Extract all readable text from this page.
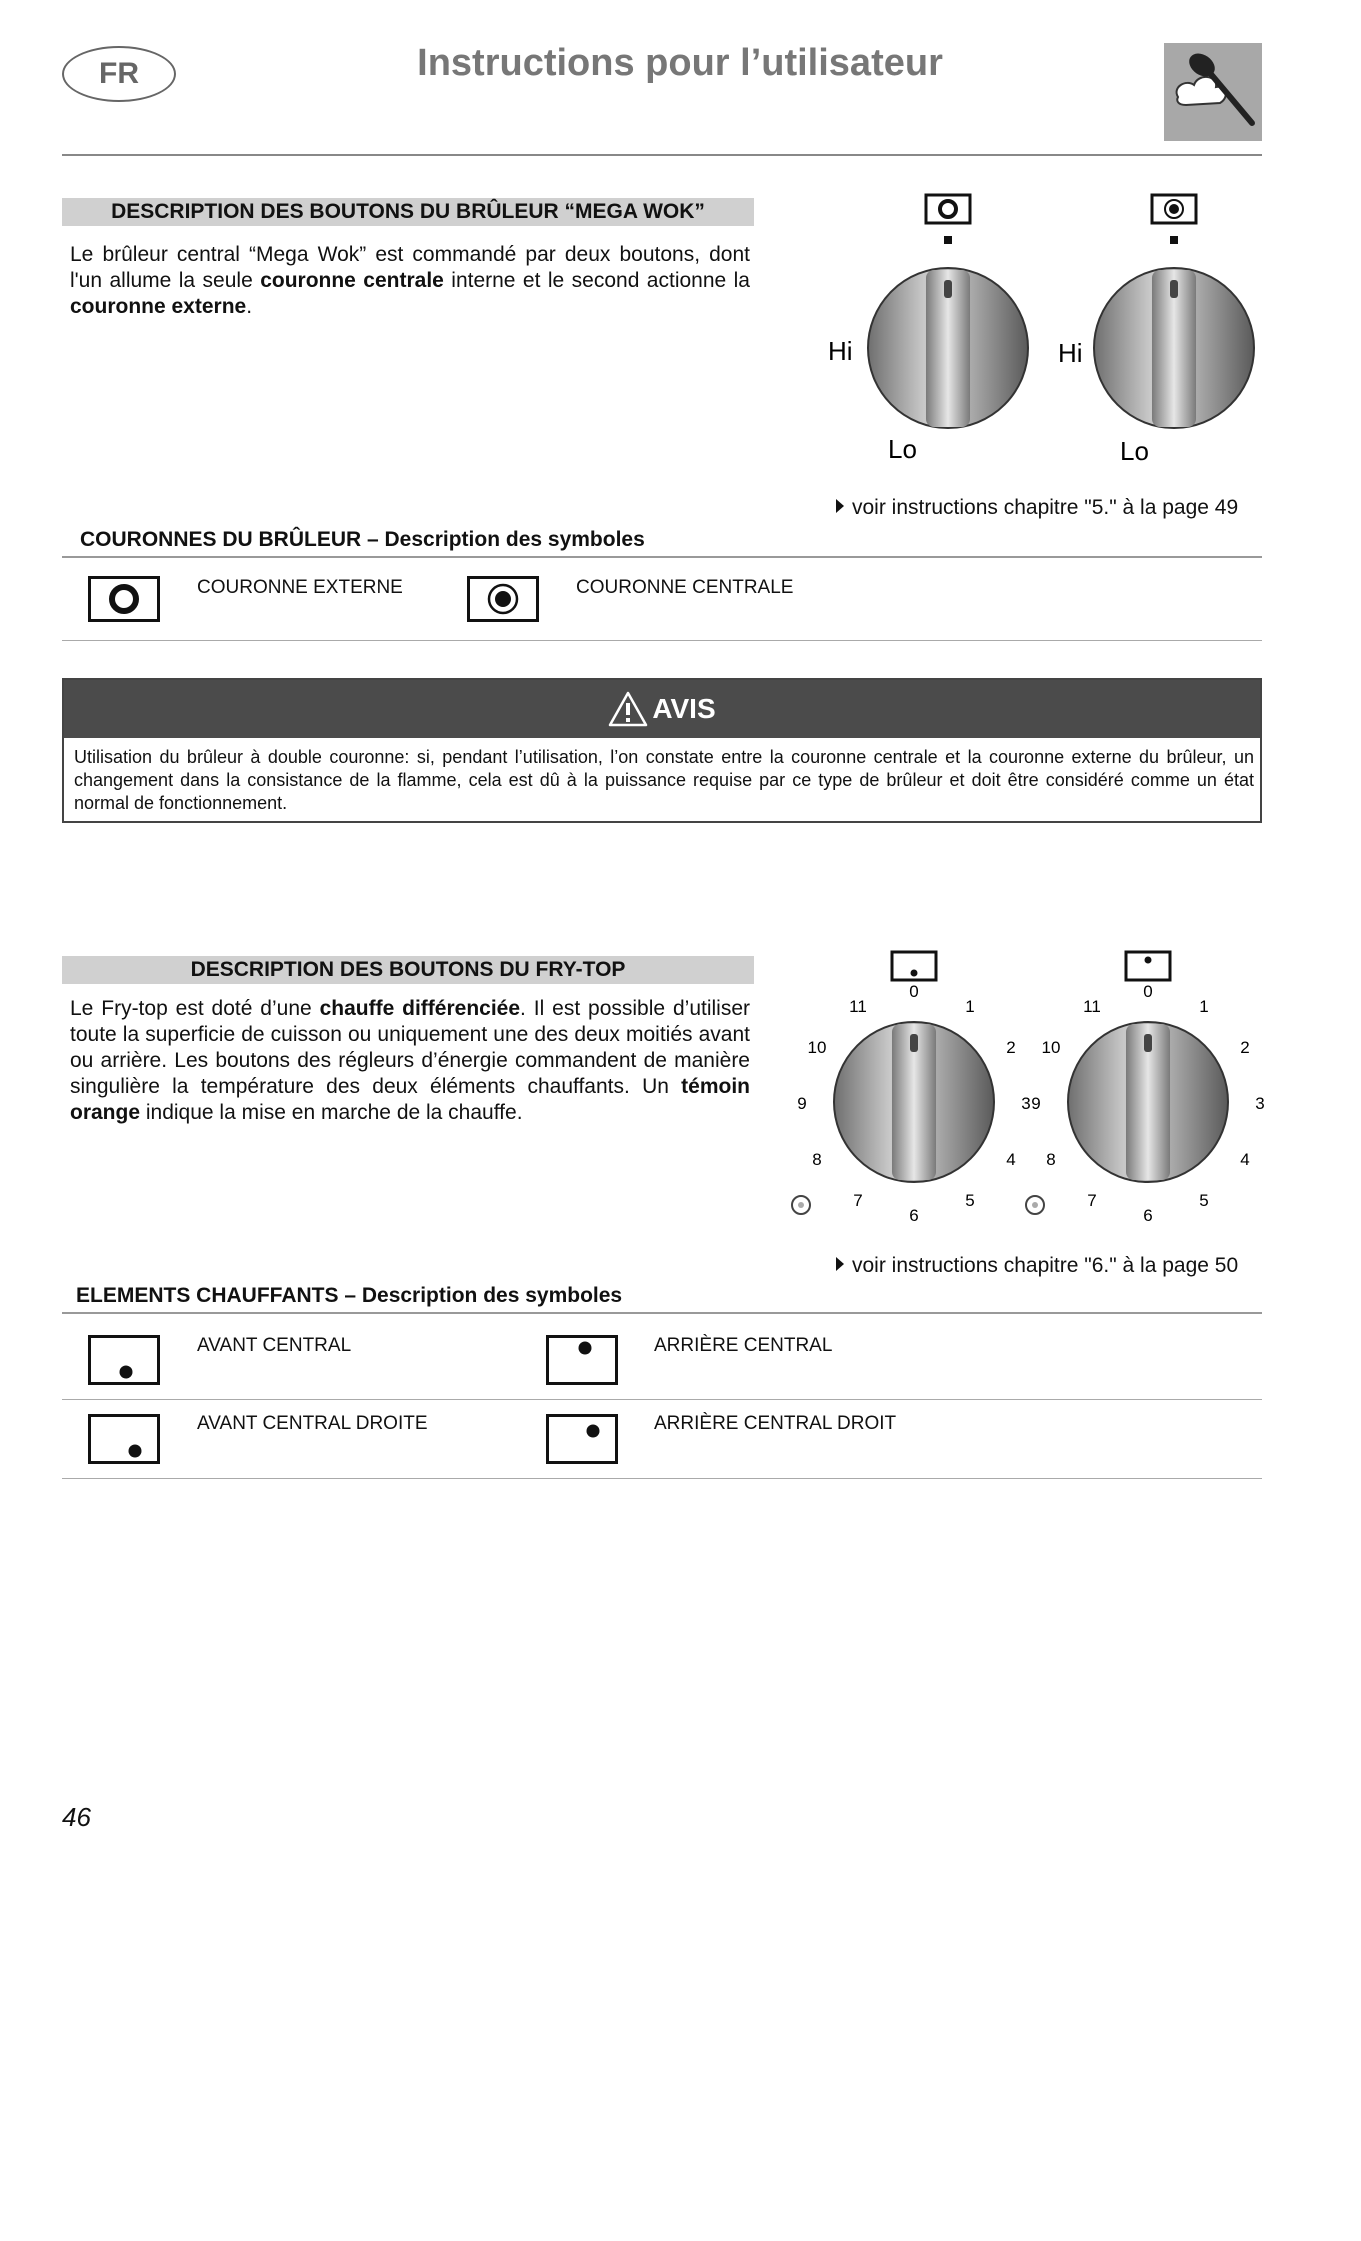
FR	Instructions pour l’utilisateur
DESCRIPTION DES BOUTONS DU BRÛLEUR “MEGA WOK”
Le brûleur central “Mega Wok” est commandé par deux boutons, dont l'un allume la seule couronne centrale interne et le second actionne la couronne externe.
Hi
Lo
Hi
Lo
voir instructions chapitre "5." à la page 49
COURONNES DU BRÛLEUR – Description des symboles
COURONNE EXTERNE	COURONNE CENTRALE
AVIS
Utilisation du brûleur à double couronne: si, pendant l’utilisation, l’on constate entre la couronne centrale et la couronne externe du brûleur, un changement dans la consistance de la flamme, cela est dû à la puissance requise par ce type de brûleur et doit être considéré comme un état normal de fonctionnement.
DESCRIPTION DES BOUTONS DU FRY-TOP
Le Fry-top est doté d’une chauffe différenciée. Il est possible d’utiliser toute la superficie de cuisson ou uniquement une des deux moitiés avant ou arrière. Les boutons des régleurs d’énergie commandent de manière singulière la température des deux éléments chauffants. Un témoin orange indique la mise en marche de la chauffe.
0
1
2
3
4
5
6
7
8
9
10
11
0
1
2
3
4
5
6
7
8
9
10
11
voir instructions chapitre "6." à la page 50
ELEMENTS CHAUFFANTS – Description des symboles
AVANT CENTRAL	ARRIÈRE CENTRAL
AVANT CENTRAL DROITE	ARRIÈRE CENTRAL DROIT
46
